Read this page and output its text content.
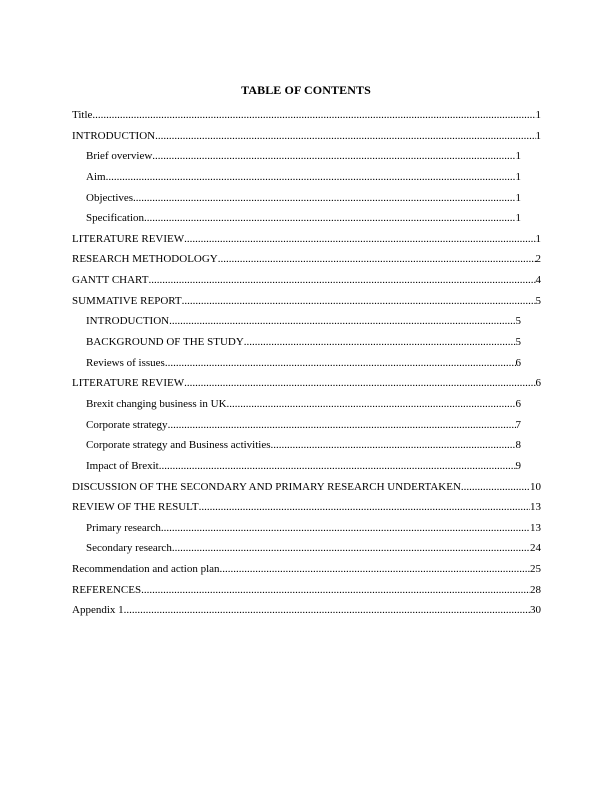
TABLE OF CONTENTS
Title .....	1
INTRODUCTION .....	1
Brief overview .....	1
Aim .....	1
Objectives .....	1
Specification .....	1
LITERATURE REVIEW .....	1
RESEARCH METHODOLOGY .....	2
GANTT CHART .....	4
SUMMATIVE REPORT .....	5
INTRODUCTION .....	5
BACKGROUND OF THE STUDY .....	5
Reviews of issues .....	6
LITERATURE REVIEW .....	6
Brexit changing business in UK .....	6
Corporate strategy .....	7
Corporate strategy and Business activities .....	8
Impact of Brexit .....	9
DISCUSSION OF THE SECONDARY AND PRIMARY RESEARCH UNDERTAKEN .....	10
REVIEW OF THE RESULT .....	13
Primary research .....	13
Secondary research .....	24
Recommendation and action plan .....	25
REFERENCES .....	28
Appendix 1 .....	30
